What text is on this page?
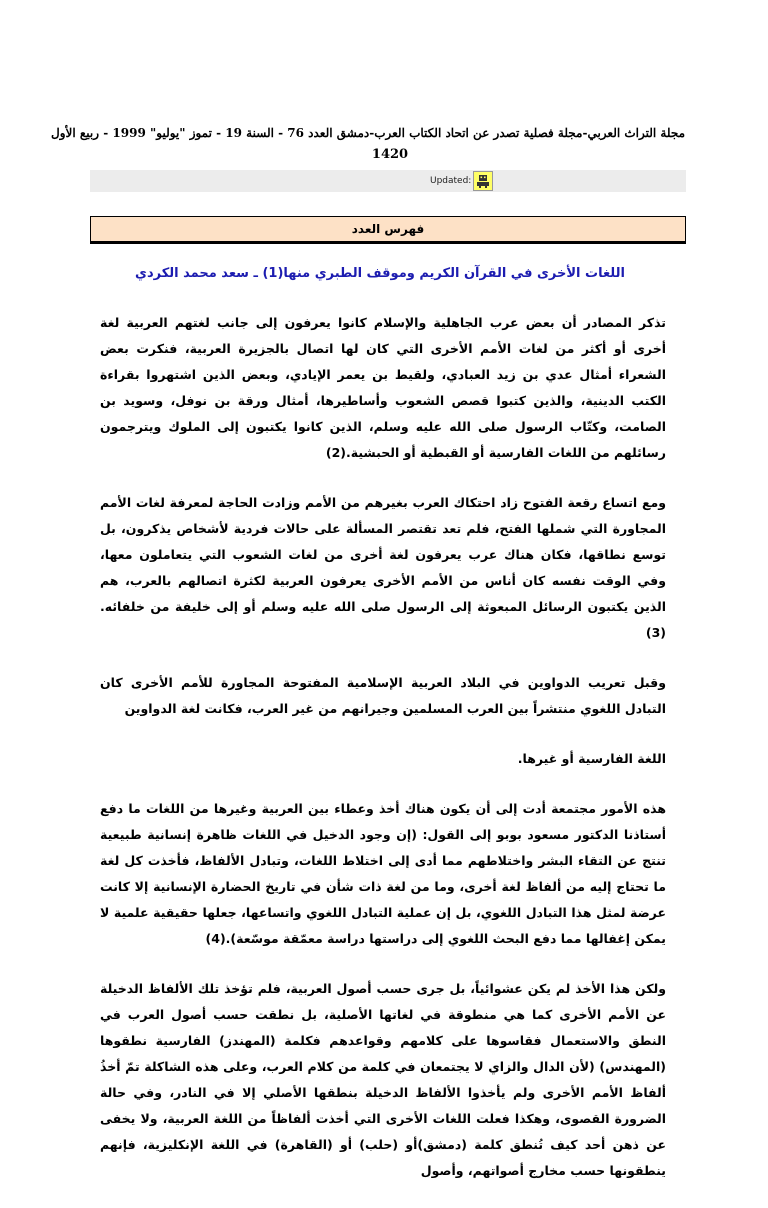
مجلة التراث العربي-مجلة فصلية تصدر عن اتحاد الكتاب العرب-دمشق العدد 76 - السنة 19 - تموز "يوليو" 1999 - ربيع الأول
1420
Updated:
فهرس العدد
اللغات الأخرى في القرآن الكريم وموقف الطبري منها(1) ـ سعد محمد الكردي

تذكر المصادر أن بعض عرب الجاهلية والإسلام كانوا يعرفون إلى جانب لغتهم العربية لغة أخرى أو أكثر من لغات الأمم الأخرى التي كان لها اتصال بالجزيرة العربية، فنكرت بعض الشعراء أمثال عدي بن زيد العبادي، ولقيط بن يعمر الإيادي، وبعض الذين اشتهروا بقراءة الكتب الدينية، والذين كتبوا قصص الشعوب وأساطيرها، أمثال ورقة بن نوفل، وسويد بن الصامت، وكتّاب الرسول صلى الله عليه وسلم، الذين كانوا يكتبون إلى الملوك ويترجمون رسائلهم من اللغات الفارسية أو القبطية أو الحبشية.(2)

ومع اتساع رقعة الفتوح زاد احتكاك العرب بغيرهم من الأمم وزادت الحاجة لمعرفة لغات الأمم المجاورة التي شملها الفتح، فلم تعد تقتصر المسألة على حالات فردية لأشخاص يذكرون، بل توسع نطاقها، فكان هناك عرب يعرفون لغة أخرى من لغات الشعوب التي يتعاملون معها، وفي الوقت نفسه كان أناس من الأمم الأخرى يعرفون العربية لكثرة اتصالهم بالعرب، هم الذين يكتبون الرسائل المبعوثة إلى الرسول صلى الله عليه وسلم أو إلى خليفة من خلفائه.(3)

وقبل تعريب الدواوين في البلاد العربية الإسلامية المفتوحة المجاورة للأمم الأخرى كان التبادل اللغوي منتشراً بين العرب المسلمين وجيرانهم من غير العرب، فكانت لغة الدواوين

اللغة الفارسية أو غيرها.

هذه الأمور مجتمعة أدت إلى أن يكون هناك أخذ وعطاء بين العربية وغيرها من اللغات ما دفع أستاذنا الدكتور مسعود بوبو إلى القول: (إن وجود الدخيل في اللغات ظاهرة إنسانية طبيعية تنتج عن التقاء البشر واختلاطهم مما أدى إلى اختلاط اللغات، وتبادل الألفاظ، فأخذت كل لغة ما تحتاج إليه من ألفاظ لغة أخرى، وما من لغة ذات شأن في تاريخ الحضارة الإنسانية إلا كانت عرضة لمثل هذا التبادل اللغوي، بل إن عملية التبادل اللغوي واتساعها، جعلها حقيقية علمية لا يمكن إغفالها مما دفع البحث اللغوي إلى دراستها دراسة معمّقة موسّعة).(4)

ولكن هذا الأخذ لم يكن عشوائياً، بل جرى حسب أصول العربية، فلم تؤخذ تلك الألفاظ الدخيلة عن الأمم الأخرى كما هي منطوقة في لغاتها الأصلية، بل نطقت حسب أصول العرب في النطق والاستعمال فقاسوها على كلامهم وقواعدهم فكلمة (المهندز) الفارسية نطقوها (المهندس) (لأن الدال والزاي لا يجتمعان في كلمة من كلام العرب، وعلى هذه الشاكلة تمّ أخذُ ألفاظ الأمم الأخرى ولم يأخذوا الألفاظ الدخيلة بنطقها الأصلي إلا في النادر، وفي حالة الضرورة القصوى، وهكذا فعلت اللغات الأخرى التي أخذت ألفاظاً من اللغة العربية، ولا يخفى عن ذهن أحد كيف تُنطق كلمة (دمشق)أو (حلب) أو (القاهرة) في اللغة الإنكليزية، فإنهم ينطقونها حسب مخارج أصواتهم، وأصول
